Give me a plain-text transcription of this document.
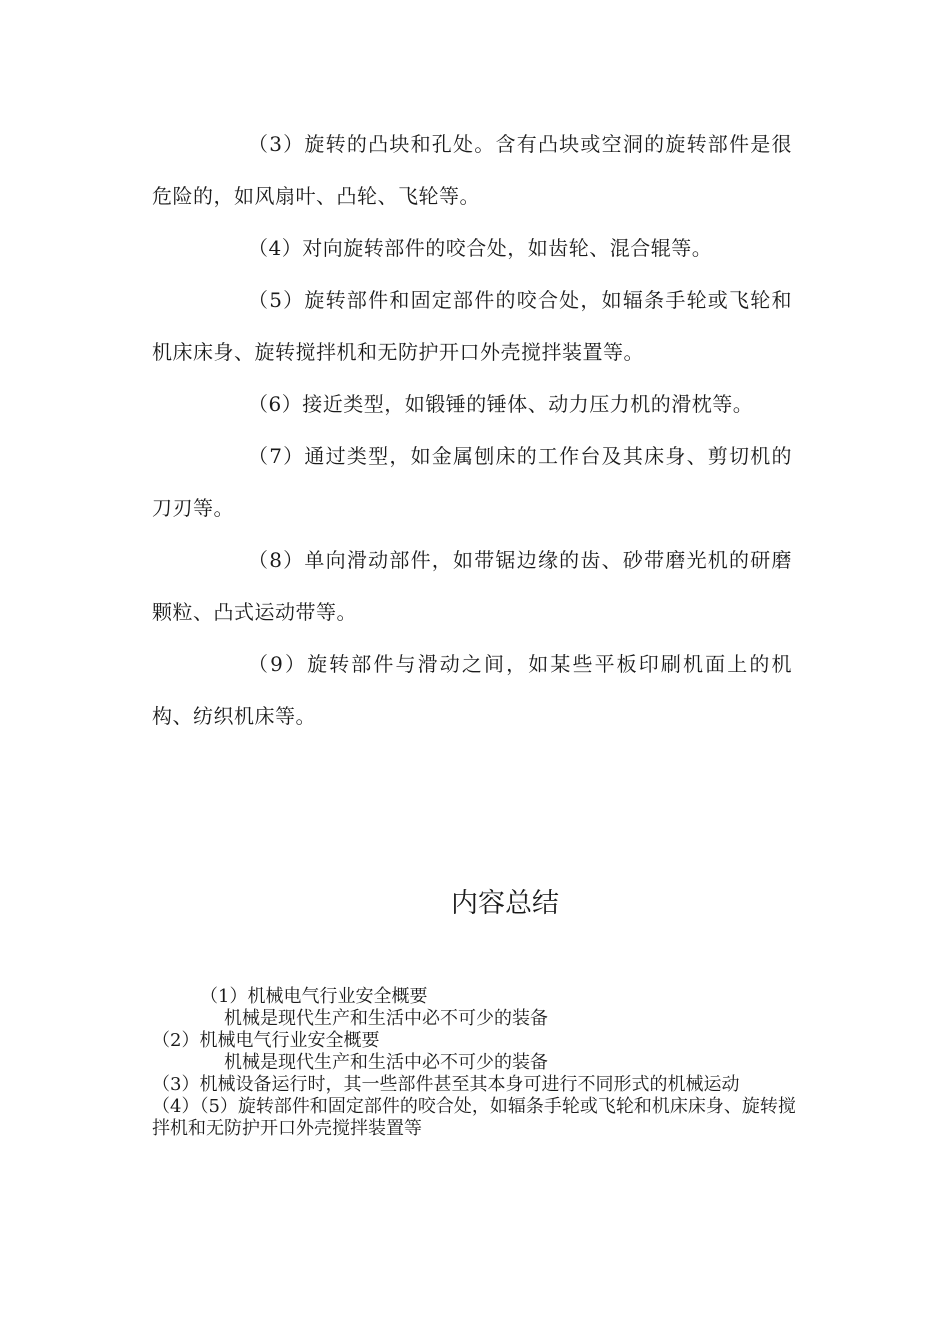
（3）旋转的凸块和孔处。含有凸块或空洞的旋转部件是很危险的，如风扇叶、凸轮、飞轮等。

（4）对向旋转部件的咬合处，如齿轮、混合辊等。

（5）旋转部件和固定部件的咬合处，如辐条手轮或飞轮和机床床身、旋转搅拌机和无防护开口外壳搅拌装置等。

（6）接近类型，如锻锤的锤体、动力压力机的滑枕等。

（7）通过类型，如金属刨床的工作台及其床身、剪切机的刀刃等。

（8）单向滑动部件，如带锯边缘的齿、砂带磨光机的研磨颗粒、凸式运动带等。

（9）旋转部件与滑动之间，如某些平板印刷机面上的机构、纺织机床等。

内容总结

（1）机械电气行业安全概要

机械是现代生产和生活中必不可少的装备

（2）机械电气行业安全概要

机械是现代生产和生活中必不可少的装备

（3）机械设备运行时，其一些部件甚至其本身可进行不同形式的机械运动

（4）（5）旋转部件和固定部件的咬合处，如辐条手轮或飞轮和机床床身、旋转搅拌机和无防护开口外壳搅拌装置等
